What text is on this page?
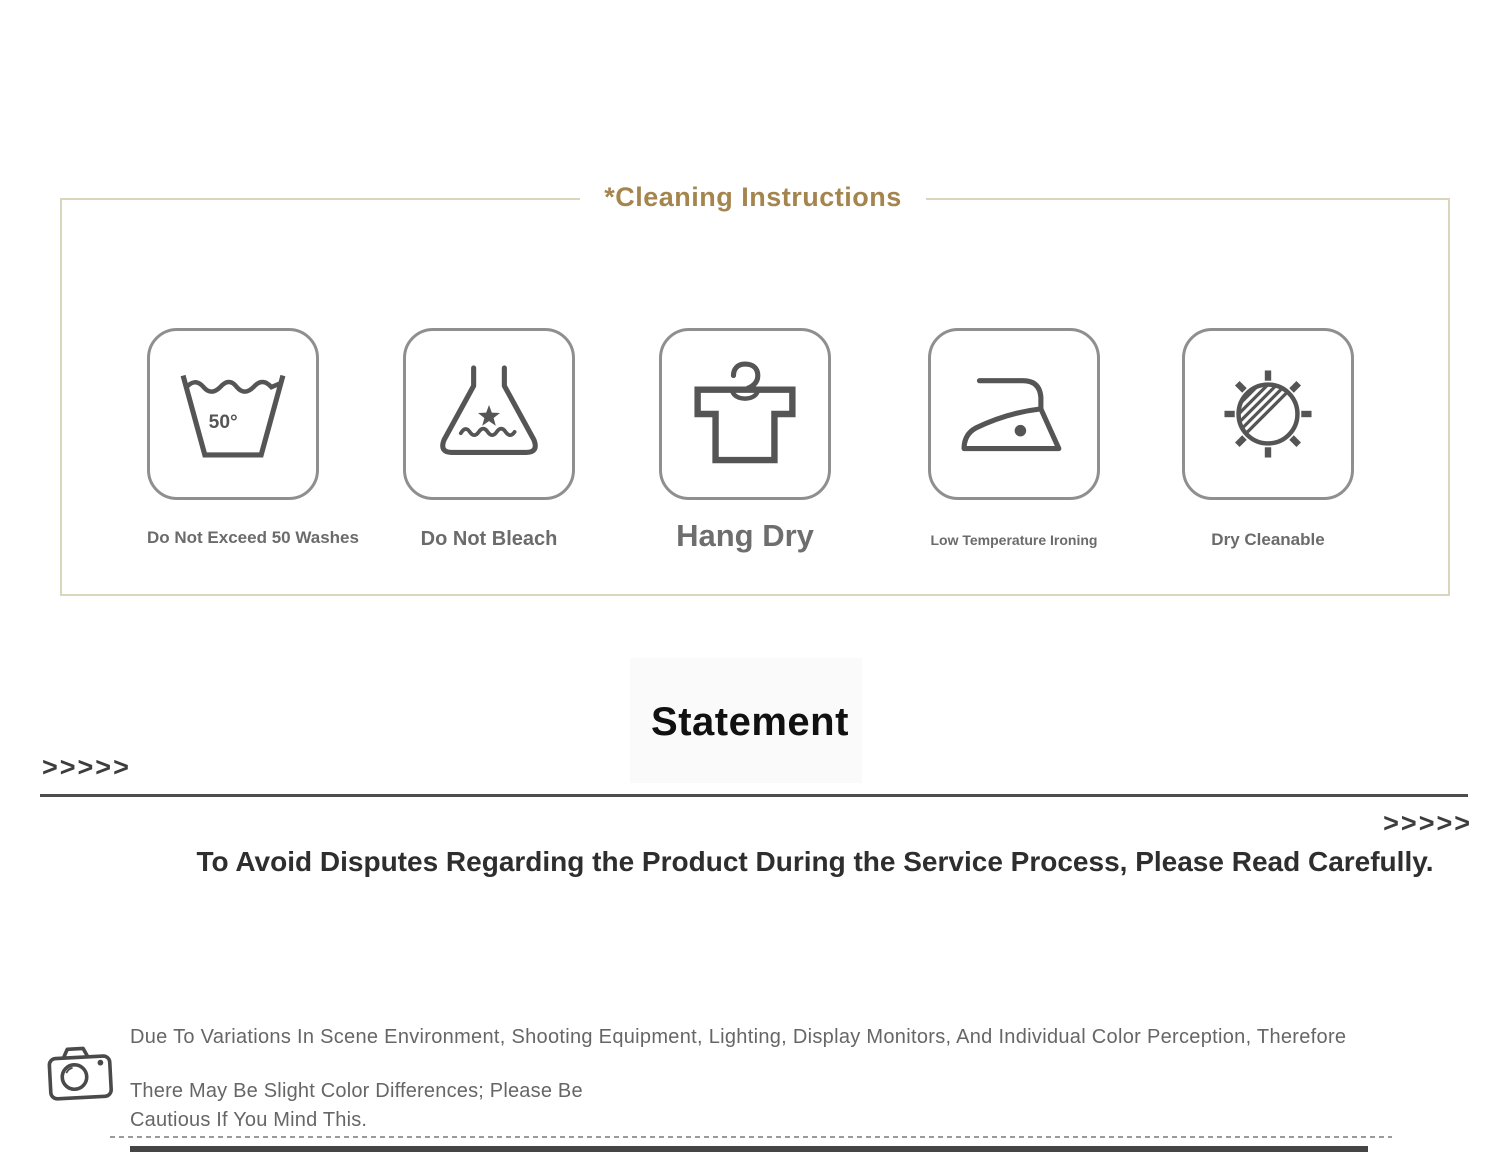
*Cleaning Instructions
50°
Do Not Exceed 50 Washes	Do Not Bleach	Hang Dry	Low Temperature Ironing	Dry Cleanable
Statement
>>>>>
>>>>>
To Avoid Disputes Regarding the Product During the Service Process, Please Read Carefully.
Due To Variations In Scene Environment, Shooting Equipment, Lighting, Display Monitors, And Individual Color Perception, Therefore
There May Be Slight Color Differences; Please Be
Cautious If You Mind This.
